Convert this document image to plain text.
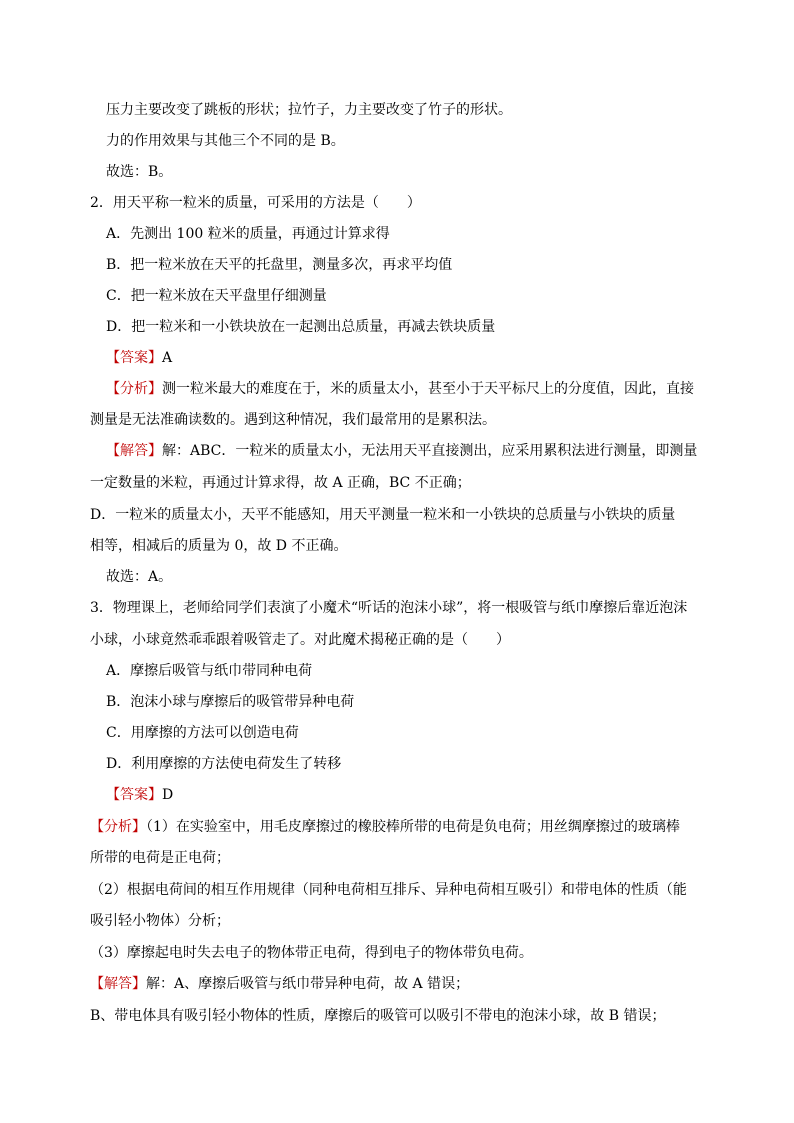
压力主要改变了跳板的形状；拉竹子，力主要改变了竹子的形状。
力的作用效果与其他三个不同的是 B。
故选：B。
2．用天平称一粒米的质量，可采用的方法是（　　）
A．先测出 100 粒米的质量，再通过计算求得
B．把一粒米放在天平的托盘里，测量多次，再求平均值
C．把一粒米放在天平盘里仔细测量
D．把一粒米和一小铁块放在一起测出总质量，再减去铁块质量
【答案】A
【分析】测一粒米最大的难度在于，米的质量太小，甚至小于天平标尺上的分度值，因此，直接
测量是无法准确读数的。遇到这种情况，我们最常用的是累积法。
【解答】解：ABC．一粒米的质量太小，无法用天平直接测出，应采用累积法进行测量，即测量
一定数量的米粒，再通过计算求得，故 A 正确，BC 不正确；
D．一粒米的质量太小，天平不能感知，用天平测量一粒米和一小铁块的总质量与小铁块的质量
相等，相减后的质量为 0，故 D 不正确。
故选：A。
3．物理课上，老师给同学们表演了小魔术“听话的泡沫小球”，将一根吸管与纸巾摩擦后靠近泡沫
小球，小球竟然乖乖跟着吸管走了。对此魔术揭秘正确的是（　　）
A．摩擦后吸管与纸巾带同种电荷
B．泡沫小球与摩擦后的吸管带异种电荷
C．用摩擦的方法可以创造电荷
D．利用摩擦的方法使电荷发生了转移
【答案】D
【分析】（1）在实验室中，用毛皮摩擦过的橡胶棒所带的电荷是负电荷；用丝绸摩擦过的玻璃棒
所带的电荷是正电荷；
（2）根据电荷间的相互作用规律（同种电荷相互排斥、异种电荷相互吸引）和带电体的性质（能
吸引轻小物体）分析；
（3）摩擦起电时失去电子的物体带正电荷，得到电子的物体带负电荷。
【解答】解：A、摩擦后吸管与纸巾带异种电荷，故 A 错误；
B、带电体具有吸引轻小物体的性质，摩擦后的吸管可以吸引不带电的泡沫小球，故 B 错误；
